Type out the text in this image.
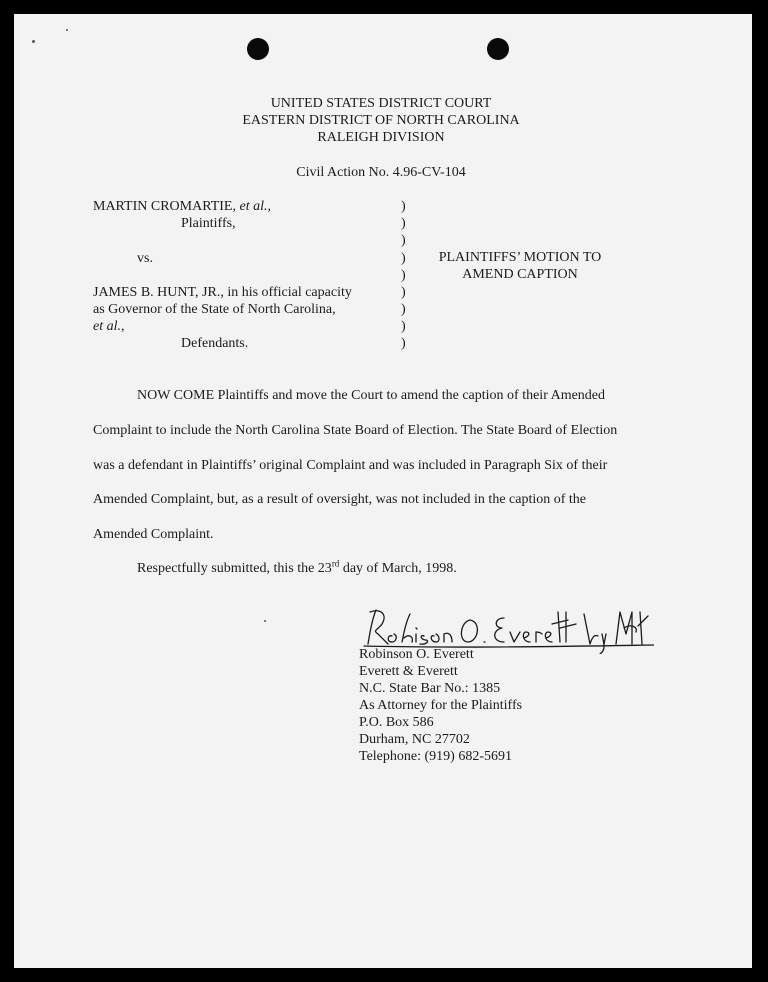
UNITED STATES DISTRICT COURT
EASTERN DISTRICT OF NORTH CAROLINA
RALEIGH DIVISION
Civil Action No. 4.96-CV-104
MARTIN CROMARTIE, et al.,
Plaintiffs,
vs.
JAMES B. HUNT, JR., in his official capacity
as Governor of the State of North Carolina,
et al.,
Defendants.
)
)
)
)
)
)
)
)
)
PLAINTIFFS’ MOTION TO
AMEND CAPTION
NOW COME Plaintiffs and move the Court to amend the caption of their Amended
Complaint to include the North Carolina State Board of Election. The State Board of Election
was a defendant in Plaintiffs’ original Complaint and was included in Paragraph Six of their
Amended Complaint, but, as a result of oversight, was not included in the caption of the
Amended Complaint.
Respectfully submitted, this the 23rd day of March, 1998.
Robinson O. Everett
Everett & Everett
N.C. State Bar No.: 1385
As Attorney for the Plaintiffs
P.O. Box 586
Durham, NC 27702
Telephone: (919) 682-5691
